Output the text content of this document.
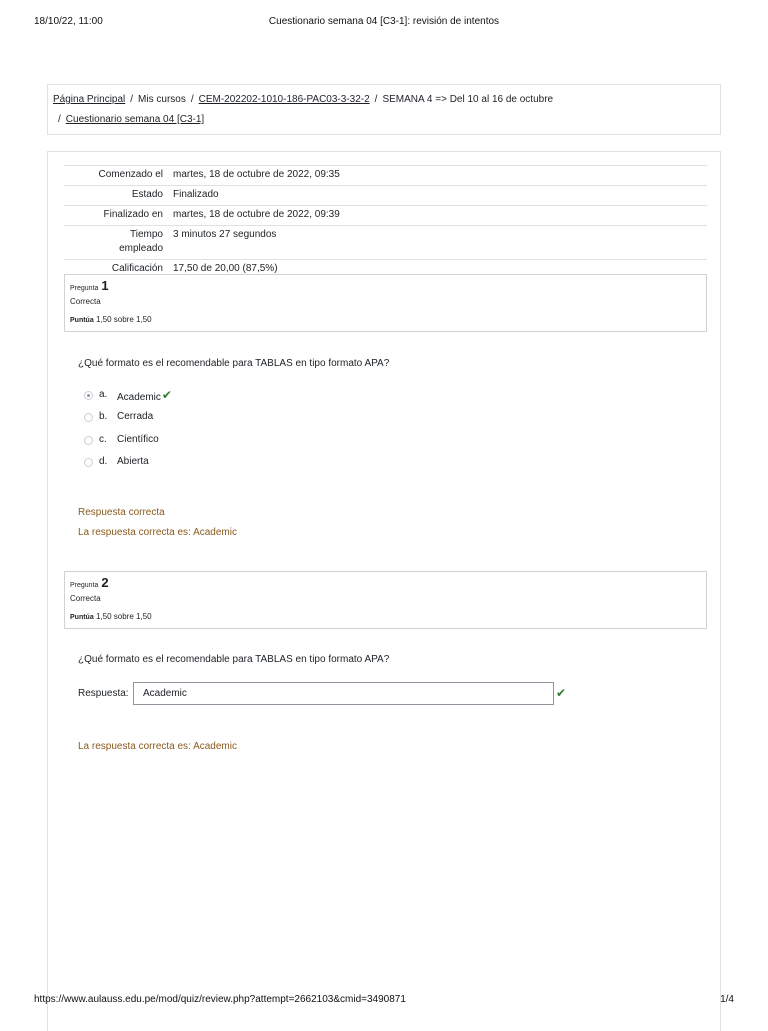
18/10/22, 11:00	Cuestionario semana 04 [C3-1]: revisión de intentos
Página Principal / Mis cursos / CEM-202202-1010-186-PAC03-3-32-2 / SEMANA 4 => Del 10 al 16 de octubre
/ Cuestionario semana 04 [C3-1]
Comenzado el	martes, 18 de octubre de 2022, 09:35
Estado	Finalizado
Finalizado en	martes, 18 de octubre de 2022, 09:39
Tiempo empleado	3 minutos 27 segundos
Calificación	17,50 de 20,00 (87,5%)
Pregunta 1
Correcta
Puntúa 1,50 sobre 1,50
¿Qué formato es el recomendable para TABLAS en tipo formato APA?
a. Academic✔
b. Cerrada
c. Científico
d. Abierta
Respuesta correcta
La respuesta correcta es: Academic
Pregunta 2
Correcta
Puntúa 1,50 sobre 1,50
¿Qué formato es el recomendable para TABLAS en tipo formato APA?
Respuesta:
Academic	✔
La respuesta correcta es: Academic
https://www.aulauss.edu.pe/mod/quiz/review.php?attempt=2662103&cmid=3490871	1/4
